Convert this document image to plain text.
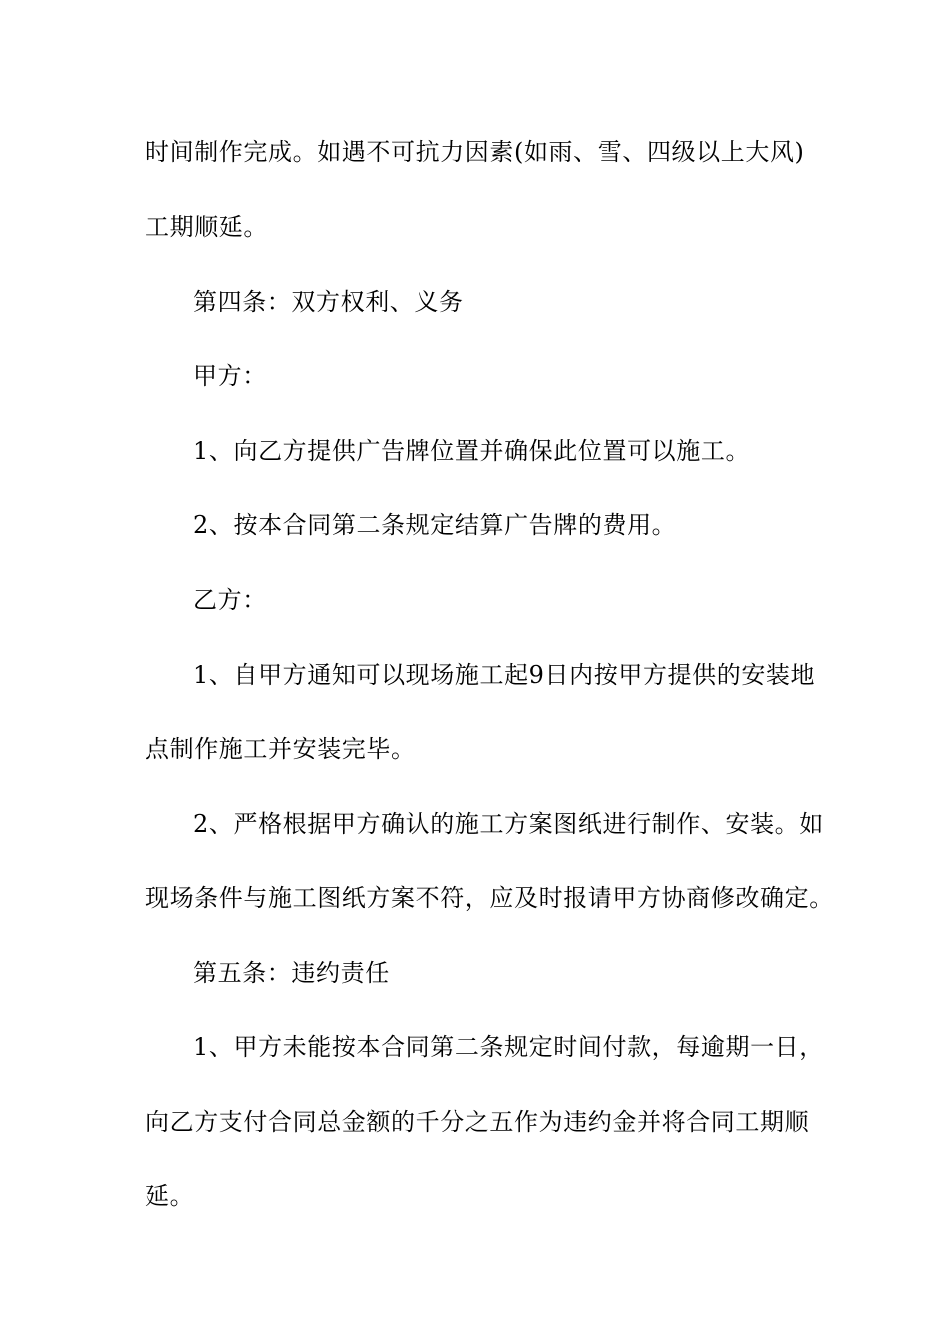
时间制作完成。如遇不可抗力因素(如雨、雪、四级以上大风)
工期顺延。
第四条：双方权利、义务
甲方：
1、向乙方提供广告牌位置并确保此位置可以施工。
2、按本合同第二条规定结算广告牌的费用。
乙方：
1、自甲方通知可以现场施工起9日内按甲方提供的安装地
点制作施工并安装完毕。
2、严格根据甲方确认的施工方案图纸进行制作、安装。如
现场条件与施工图纸方案不符，应及时报请甲方协商修改确定。
第五条：违约责任
1、甲方未能按本合同第二条规定时间付款，每逾期一日，
向乙方支付合同总金额的千分之五作为违约金并将合同工期顺
延。
